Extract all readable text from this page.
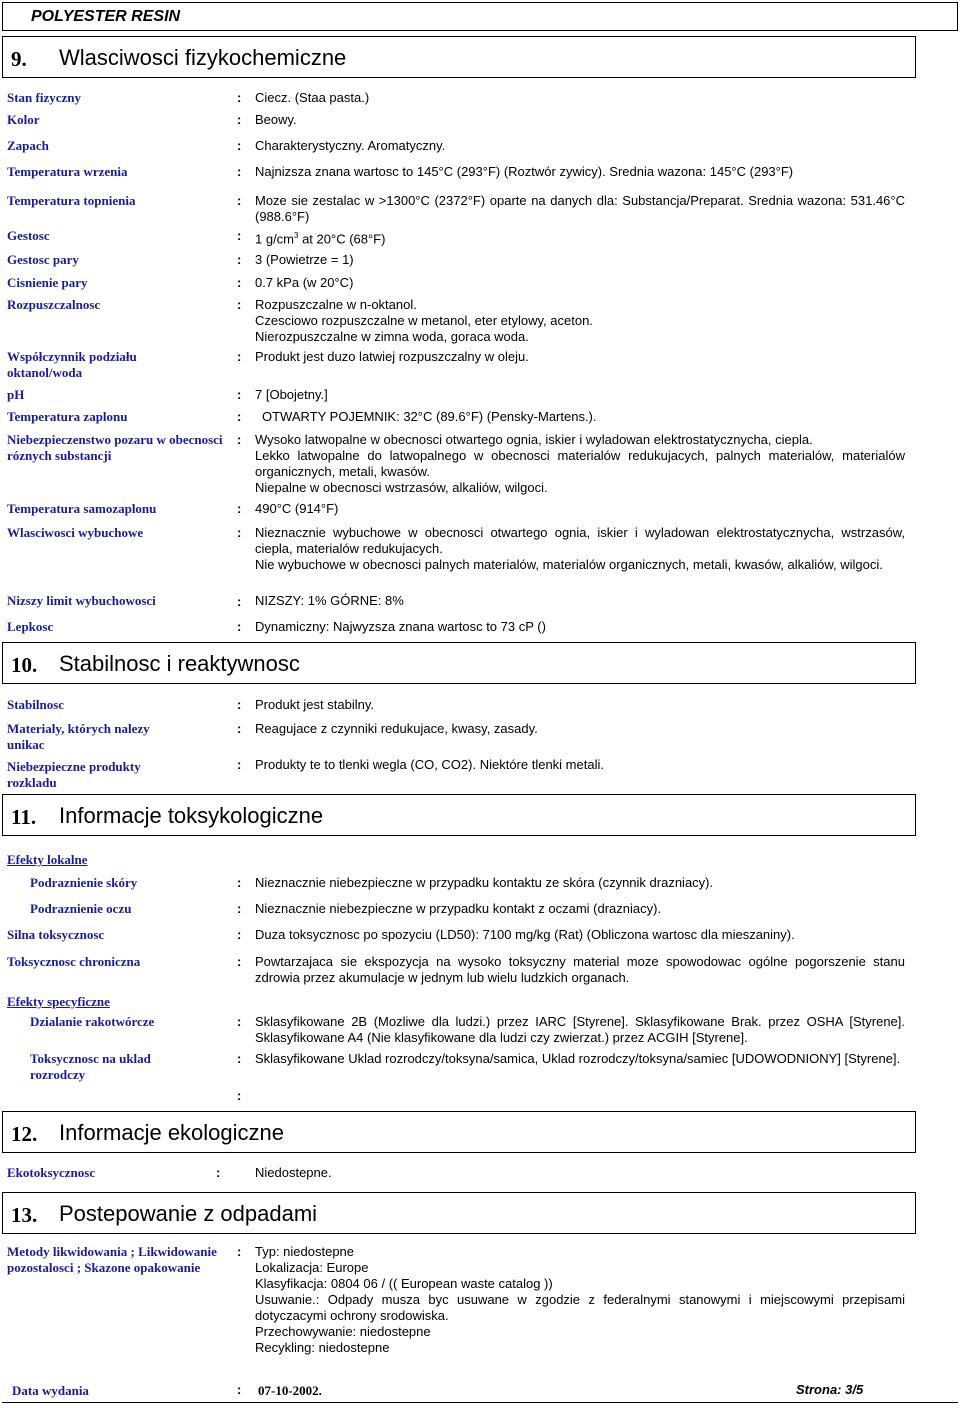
POLYESTER RESIN
9. Wlasciwosci fizykochemiczne
Stan fizyczny	: Ciecz. (Staa pasta.)
Kolor	: Beowy.
Zapach	: Charakterystyczny. Aromatyczny.
Temperatura wrzenia	: Najnizsza znana wartosc to 145°C (293°F) (Roztwór zywicy). Srednia wazona: 145°C (293°F)
Temperatura topnienia	: Moze sie zestalac w >1300°C (2372°F) oparte na danych dla: Substancja/Preparat. Srednia wazona: 531.46°C (988.6°F)
Gestosc	: 1 $g/cm^3$ at 20°C (68°F)
Gestosc pary	: 3 (Powietrze = 1)
Cisnienie pary	: 0.7 kPa (w 20°C)
Rozpuszczalnosc	: Rozpuszczalne w n-oktanol.
Czesciowo rozpuszczalne w metanol, eter etylowy, aceton.
Nierozpuszczalne w zimna woda, goraca woda.
Współczynnik podziału
oktanol/woda
: Produkt jest duzo latwiej rozpuszczalny w oleju.
pH	: 7 [Obojetny.]
Temperatura zaplonu	: OTWARTY POJEMNIK: 32°C (89.6°F) (Pensky-Martens.).
Niebezpieczenstwo pozaru w obecnosci
róznych substancji
: Wysoko latwopalne w obecnosci otwartego ognia, iskier i wyladowan elektrostatycznycha, ciepla.
Lekko latwopalne do latwopalnego w obecnosci materialów redukujacych, palnych materialów, materialów organicznych, metali, kwasów.
Niepalne w obecnosci wstrzasów, alkaliów, wilgoci.
Temperatura samozaplonu	: 490°C (914°F)
Wlasciwosci wybuchowe	: Nieznacznie wybuchowe w obecnosci otwartego ognia, iskier i wyladowan elektrostatycznycha, wstrzasów, ciepla, materialów redukujacych.
Nie wybuchowe w obecnosci palnych materialów, materialów organicznych, metali, kwasów, alkaliów, wilgoci.
Nizszy limit wybuchowosci	: NIZSZY: 1% GÓRNE: 8%
Lepkosc	: Dynamiczny: Najwyzsza znana wartosc to 73 cP ()
10. Stabilnosc i reaktywnosc
Stabilnosc	: Produkt jest stabilny.
Materialy, których nalezy
unikac
: Reagujace z czynniki redukujace, kwasy, zasady.
Niebezpieczne produkty
rozkladu
: Produkty te to tlenki wegla (CO, CO2). Niektóre tlenki metali.
11. Informacje toksykologiczne
Efekty lokalne
Podraznienie skóry	: Nieznacznie niebezpieczne w przypadku kontaktu ze skóra (czynnik drazniacy).
Podraznienie oczu	: Nieznacznie niebezpieczne w przypadku kontakt z oczami (drazniacy).
Silna toksycznosc	: Duza toksycznosc po spozyciu (LD50): 7100 mg/kg (Rat) (Obliczona wartosc dla mieszaniny).
Toksycznosc chroniczna	: Powtarzajaca sie ekspozycja na wysoko toksyczny material moze spowodowac ogólne pogorszenie stanu zdrowia przez akumulacje w jednym lub wielu ludzkich organach.
Efekty specyficzne
Dzialanie rakotwórcze	: Sklasyfikowane 2B (Mozliwe dla ludzi.) przez IARC [Styrene]. Sklasyfikowane Brak. przez OSHA [Styrene]. Sklasyfikowane A4 (Nie klasyfikowane dla ludzi czy zwierzat.) przez ACGIH [Styrene].
Toksycznosc na uklad
rozrodczy
: Sklasyfikowane Uklad rozrodczy/toksyna/samica, Uklad rozrodczy/toksyna/samiec [UDOWODNIONY] [Styrene].
:
12. Informacje ekologiczne
Ekotoksycznosc	:	Niedostepne.
13. Postepowanie z odpadami
Metody likwidowania ; Likwidowanie
pozostalosci ; Skazone opakowanie
: Typ: niedostepne
Lokalizacja: Europe
Klasyfikacja: 0804 06 / (( European waste catalog ))
Usuwanie.: Odpady musza byc usuwane w zgodzie z federalnymi stanowymi i miejscowymi przepisami dotyczacymi ochrony srodowiska.
Przechowywanie: niedostepne
Recykling: niedostepne
Data wydania	: 07-10-2002.	Strona: 3/5
